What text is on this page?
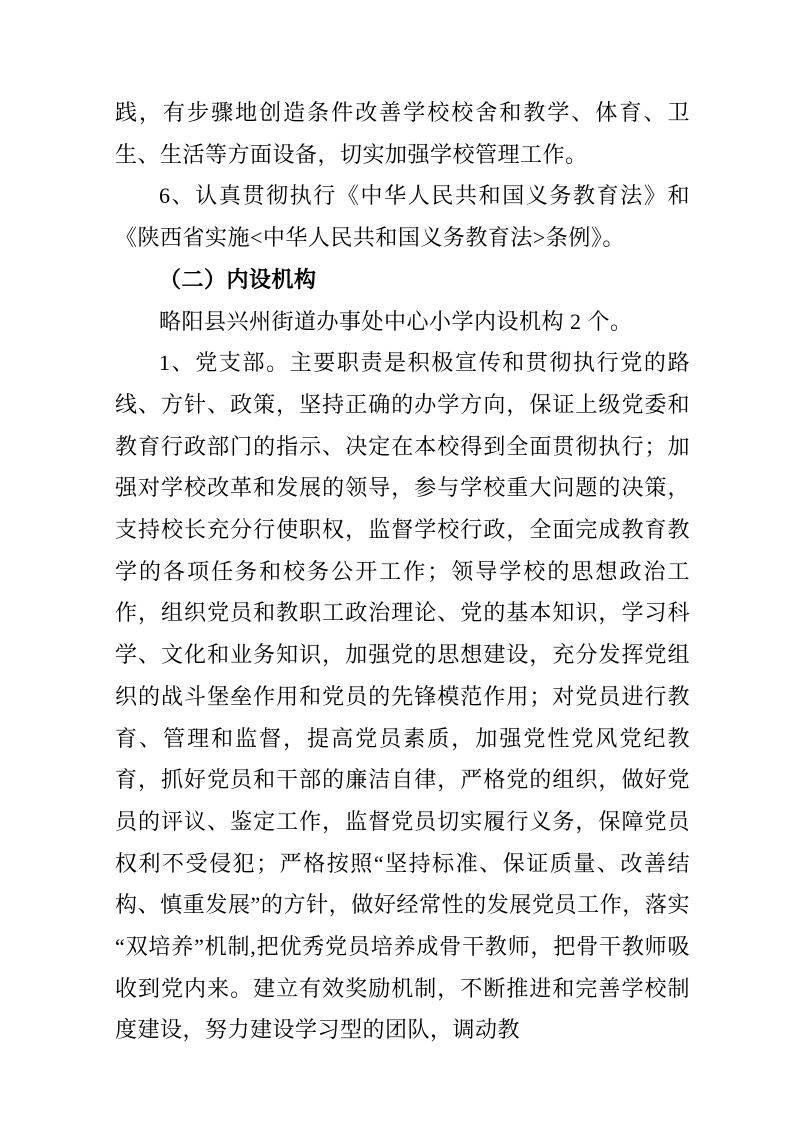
践，有步骤地创造条件改善学校校舍和教学、体育、卫生、生活等方面设备，切实加强学校管理工作。

6、认真贯彻执行《中华人民共和国义务教育法》和《陕西省实施<中华人民共和国义务教育法>条例》。

（二）内设机构

略阳县兴州街道办事处中心小学内设机构 2 个。

1、党支部。主要职责是积极宣传和贯彻执行党的路线、方针、政策，坚持正确的办学方向，保证上级党委和教育行政部门的指示、决定在本校得到全面贯彻执行；加强对学校改革和发展的领导，参与学校重大问题的决策，支持校长充分行使职权，监督学校行政，全面完成教育教学的各项任务和校务公开工作；领导学校的思想政治工作，组织党员和教职工政治理论、党的基本知识，学习科学、文化和业务知识，加强党的思想建设，充分发挥党组织的战斗堡垒作用和党员的先锋模范作用；对党员进行教育、管理和监督，提高党员素质，加强党性党风党纪教育，抓好党员和干部的廉洁自律，严格党的组织，做好党员的评议、鉴定工作，监督党员切实履行义务，保障党员权利不受侵犯；严格按照“坚持标准、保证质量、改善结构、慎重发展”的方针，做好经常性的发展党员工作，落实“双培养”机制,把优秀党员培养成骨干教师，把骨干教师吸收到党内来。建立有效奖励机制，不断推进和完善学校制度建设，努力建设学习型的团队，调动教
